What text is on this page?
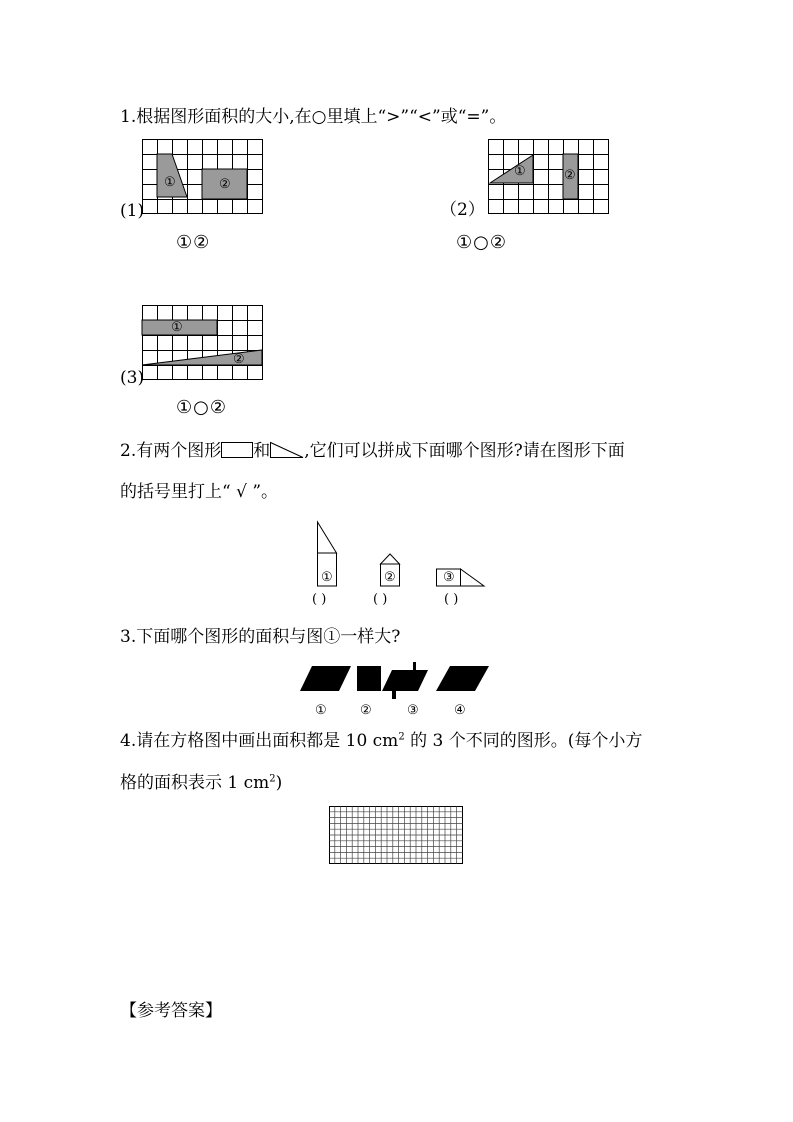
1.根据图形面积的大小,在○里填上“>”“<”或“=”。
①	②
(1)
①②
①	②
（2）
①○②
①
②
(3)
①○②
2.有两个图形 和 ,它们可以拼成下面哪个图形?请在图形下面
的括号里打上“ √ ”。
①	②	③
( )	( )	( )
3.下面哪个图形的面积与图①一样大?
①	②	③	④
4.请在方格图中画出面积都是 10 $cm^2$ 的 3 个不同的图形。(每个小方
格的面积表示 1 $cm^2$)
【参考答案】
